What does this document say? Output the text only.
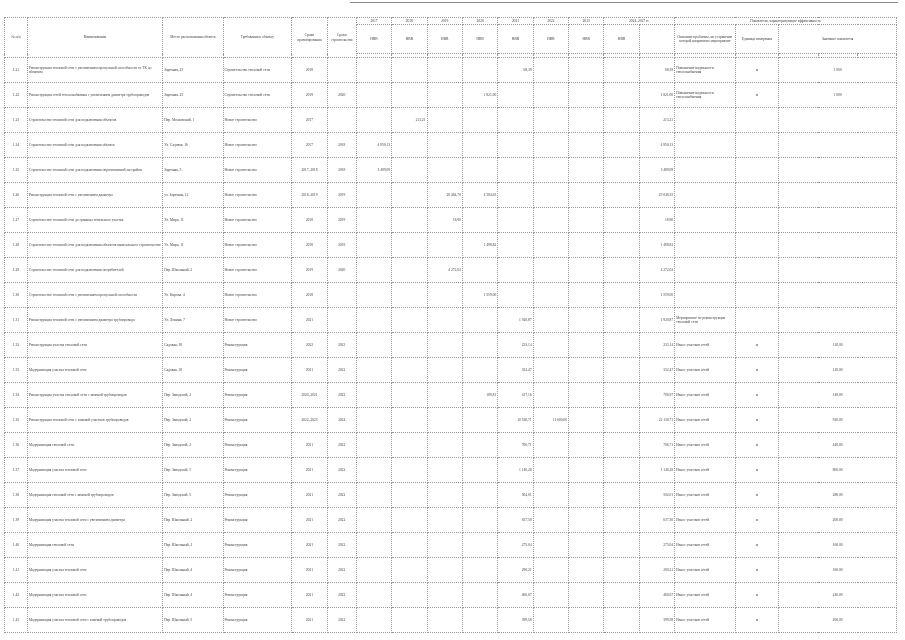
№ п/п	Наименование	Место расположения объекта	Требования к объекту	Сроки проектирования	Сроки строительства	2017	2018	2019	2020	2021	2022	2023	2024–2027 гг.		Показатели, характеризующие эффективность				
						НВВ	НВВ	НВВ	НВВ	НВВ	НВВ	НВВ	НВВ		Описание проблемы, на устранение которой направлено мероприятие	Единица измерения	Значение показателя		

1.21	Реконструкция тепловой сети с увеличением пропускной способности от ТК до абонента	Заречная, 25	Строительство тепловой сети	2018						68,39				68,39	Повышение надежности теплоснабжения	м	1 000		
1.22	Реконструкция сетей теплоснабжения с увеличением диаметра трубопроводов	Заречная, 25	Строительство тепловой сети	2019	2020				1 821,00					1 821,00	Повышение надежности теплоснабжения	м	1 000		
1.23	Строительство тепловой сети для подключения объектов	Пер. Московский, 1	Новое строительство	2017			213,21							213,21					
1.24	Строительство тепловой сети для подключения объекта	Ул. Садовая, 16	Новое строительство	2017	2018	4 950,13								4 950,13					
1.25	Строительство тепловой сети для подключения перспективной застройки	Заречная, 5	Новое строительство	2017–2018	2018	3 489,09								3 489,09					
1.26	Реконструкция тепловой сети с увеличением диаметра	ул. Заречная, 12	Новое строительство	2018–2019	2019			20 464,70	4 584,65					25 049,35					
1.27	Строительство тепловой сети до границы земельного участка	Ул. Мира, 11	Новое строительство	2018	2019			18,90						18,90					
1.28	Строительство тепловой сети для подключения объектов капитального строительства	Ул. Мира, 11	Новое строительство	2018	2019				1 498,82					1 498,82					
1.29	Строительство тепловой сети для подключения потребителей	Пер. Школьный, 2	Новое строительство	2019	2020			4 272,03						4 272,03					
1.30	Строительство тепловой сети с увеличением пропускной способности	Ул. Кирова, 4	Новое строительство	2018					1 559,00					1 559,00					
1.31	Реконструкция тепловой сети с увеличением диаметра трубопровода	Ул. Ленина, 7	Новое строительство	2021						1 920,87				1 920,87	Мероприятие по реконструкции тепловой сети				
1.32	Реконструкция участка тепловой сети	Садовая, 18	Реконструкция	2022	2023					233,14				233,14	Износ участков сетей	м	128,00		
1.33	Модернизация участка тепловой сети	Садовая, 18	Реконструкция	2021	2022					332,47				332,47	Износ участков сетей	м	128,00		
1.34	Реконструкция участка тепловой сети с заменой трубопроводов	Пер. Заводской, 2	Реконструкция	2020–2021	2022				189,81	417,16				706,97	Износ участков сетей	м	140,00		
1.35	Реконструкция тепловой сети с заменой участков трубопроводов	Пер. Заводской, 2	Реконструкция	2022–2023	2024					10 530,71	11 600,00			22 130,71	Износ участков сетей	м	920,00		
1.36	Модернизация тепловой сети	Пер. Заводской, 2	Реконструкция	2021	2022					706,71				706,71	Износ участков сетей	м	440,00		
1.37	Модернизация участка тепловой сети	Пер. Заводской, 5	Реконструкция	2021	2022					1 140,28				1 140,28	Износ участков сетей	м	800,00		
1.38	Модернизация тепловой сети с заменой трубопроводов	Пер. Заводской, 5	Реконструкция	2021	2022					502,01				502,01	Износ участков сетей	м	288,00		
1.39	Модернизация участка тепловой сети с увеличением диаметра	Пер. Школьный, 2	Реконструкция	2021	2022					637,50				637,50	Износ участков сетей	м	200,00		
1.40	Модернизация тепловой сети	Пер. Школьный, 2	Реконструкция	2021	2022					275,04				275,04	Износ участков сетей	м	160,00		
1.41	Модернизация участка тепловой сети	Пер. Школьный, 4	Реконструкция	2021	2022					290,21				290,21	Износ участков сетей	м	160,00		
1.42	Модернизация участка тепловой сети	Пер. Школьный, 4	Реконструкция	2021	2022					460,67				460,67	Износ участков сетей	м	240,00		
1.43	Модернизация участка тепловой сети с заменой трубопроводов	Пер. Школьный, 5	Реконструкция	2021	2022					399,58				399,58	Износ участков сетей	м	200,00		
